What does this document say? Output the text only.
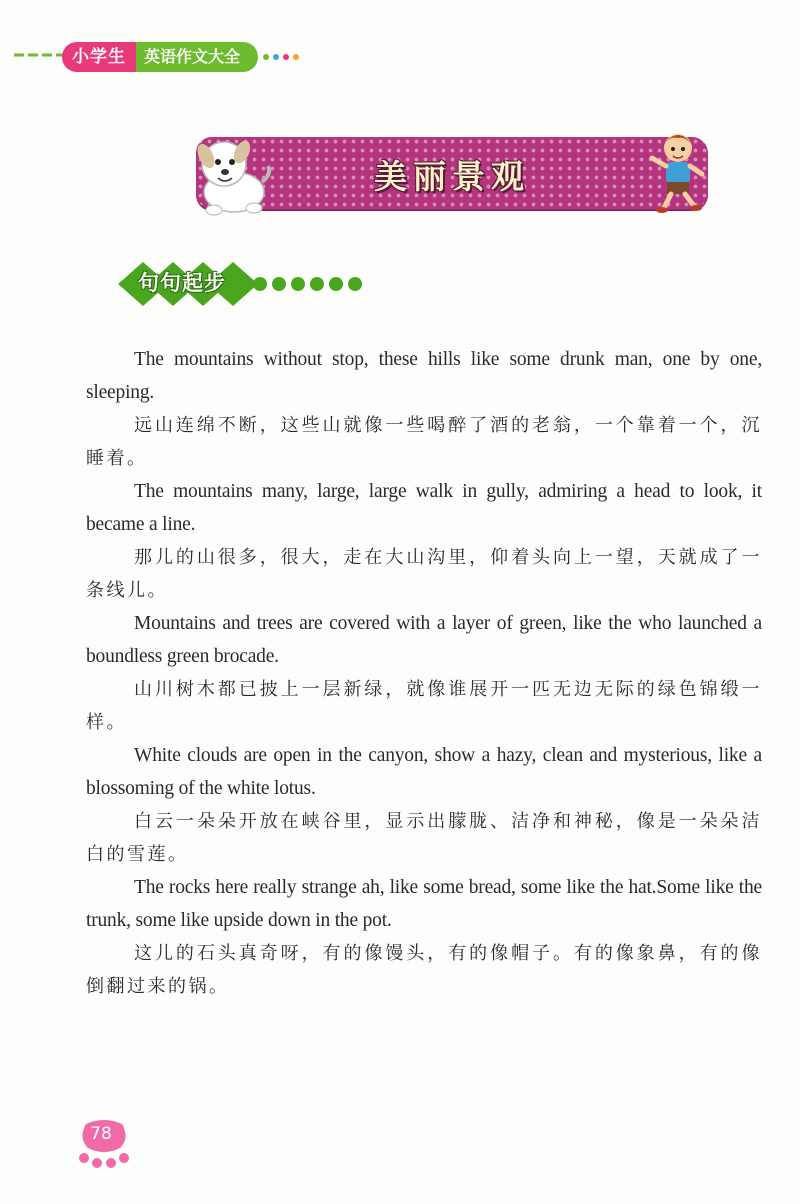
小学生	英语作文大全
美丽景观
句句起步

The mountains without stop, these hills like some drunk man, one by one, sleeping.

远山连绵不断，这些山就像一些喝醉了酒的老翁，一个靠着一个，沉睡着。

The mountains many, large, large walk in gully, admiring a head to look, it became a line.

那儿的山很多，很大，走在大山沟里，仰着头向上一望，天就成了一条线儿。

Mountains and trees are covered with a layer of green, like the who launched a boundless green brocade.

山川树木都已披上一层新绿，就像谁展开一匹无边无际的绿色锦缎一样。

White clouds are open in the canyon, show a hazy, clean and mysterious, like a blossoming of the white lotus.

白云一朵朵开放在峡谷里，显示出朦胧、洁净和神秘，像是一朵朵洁白的雪莲。

The rocks here really strange ah, like some bread, some like the hat.Some like the trunk, some like upside down in the pot.

这儿的石头真奇呀，有的像馒头，有的像帽子。有的像象鼻，有的像倒翻过来的锅。

78
